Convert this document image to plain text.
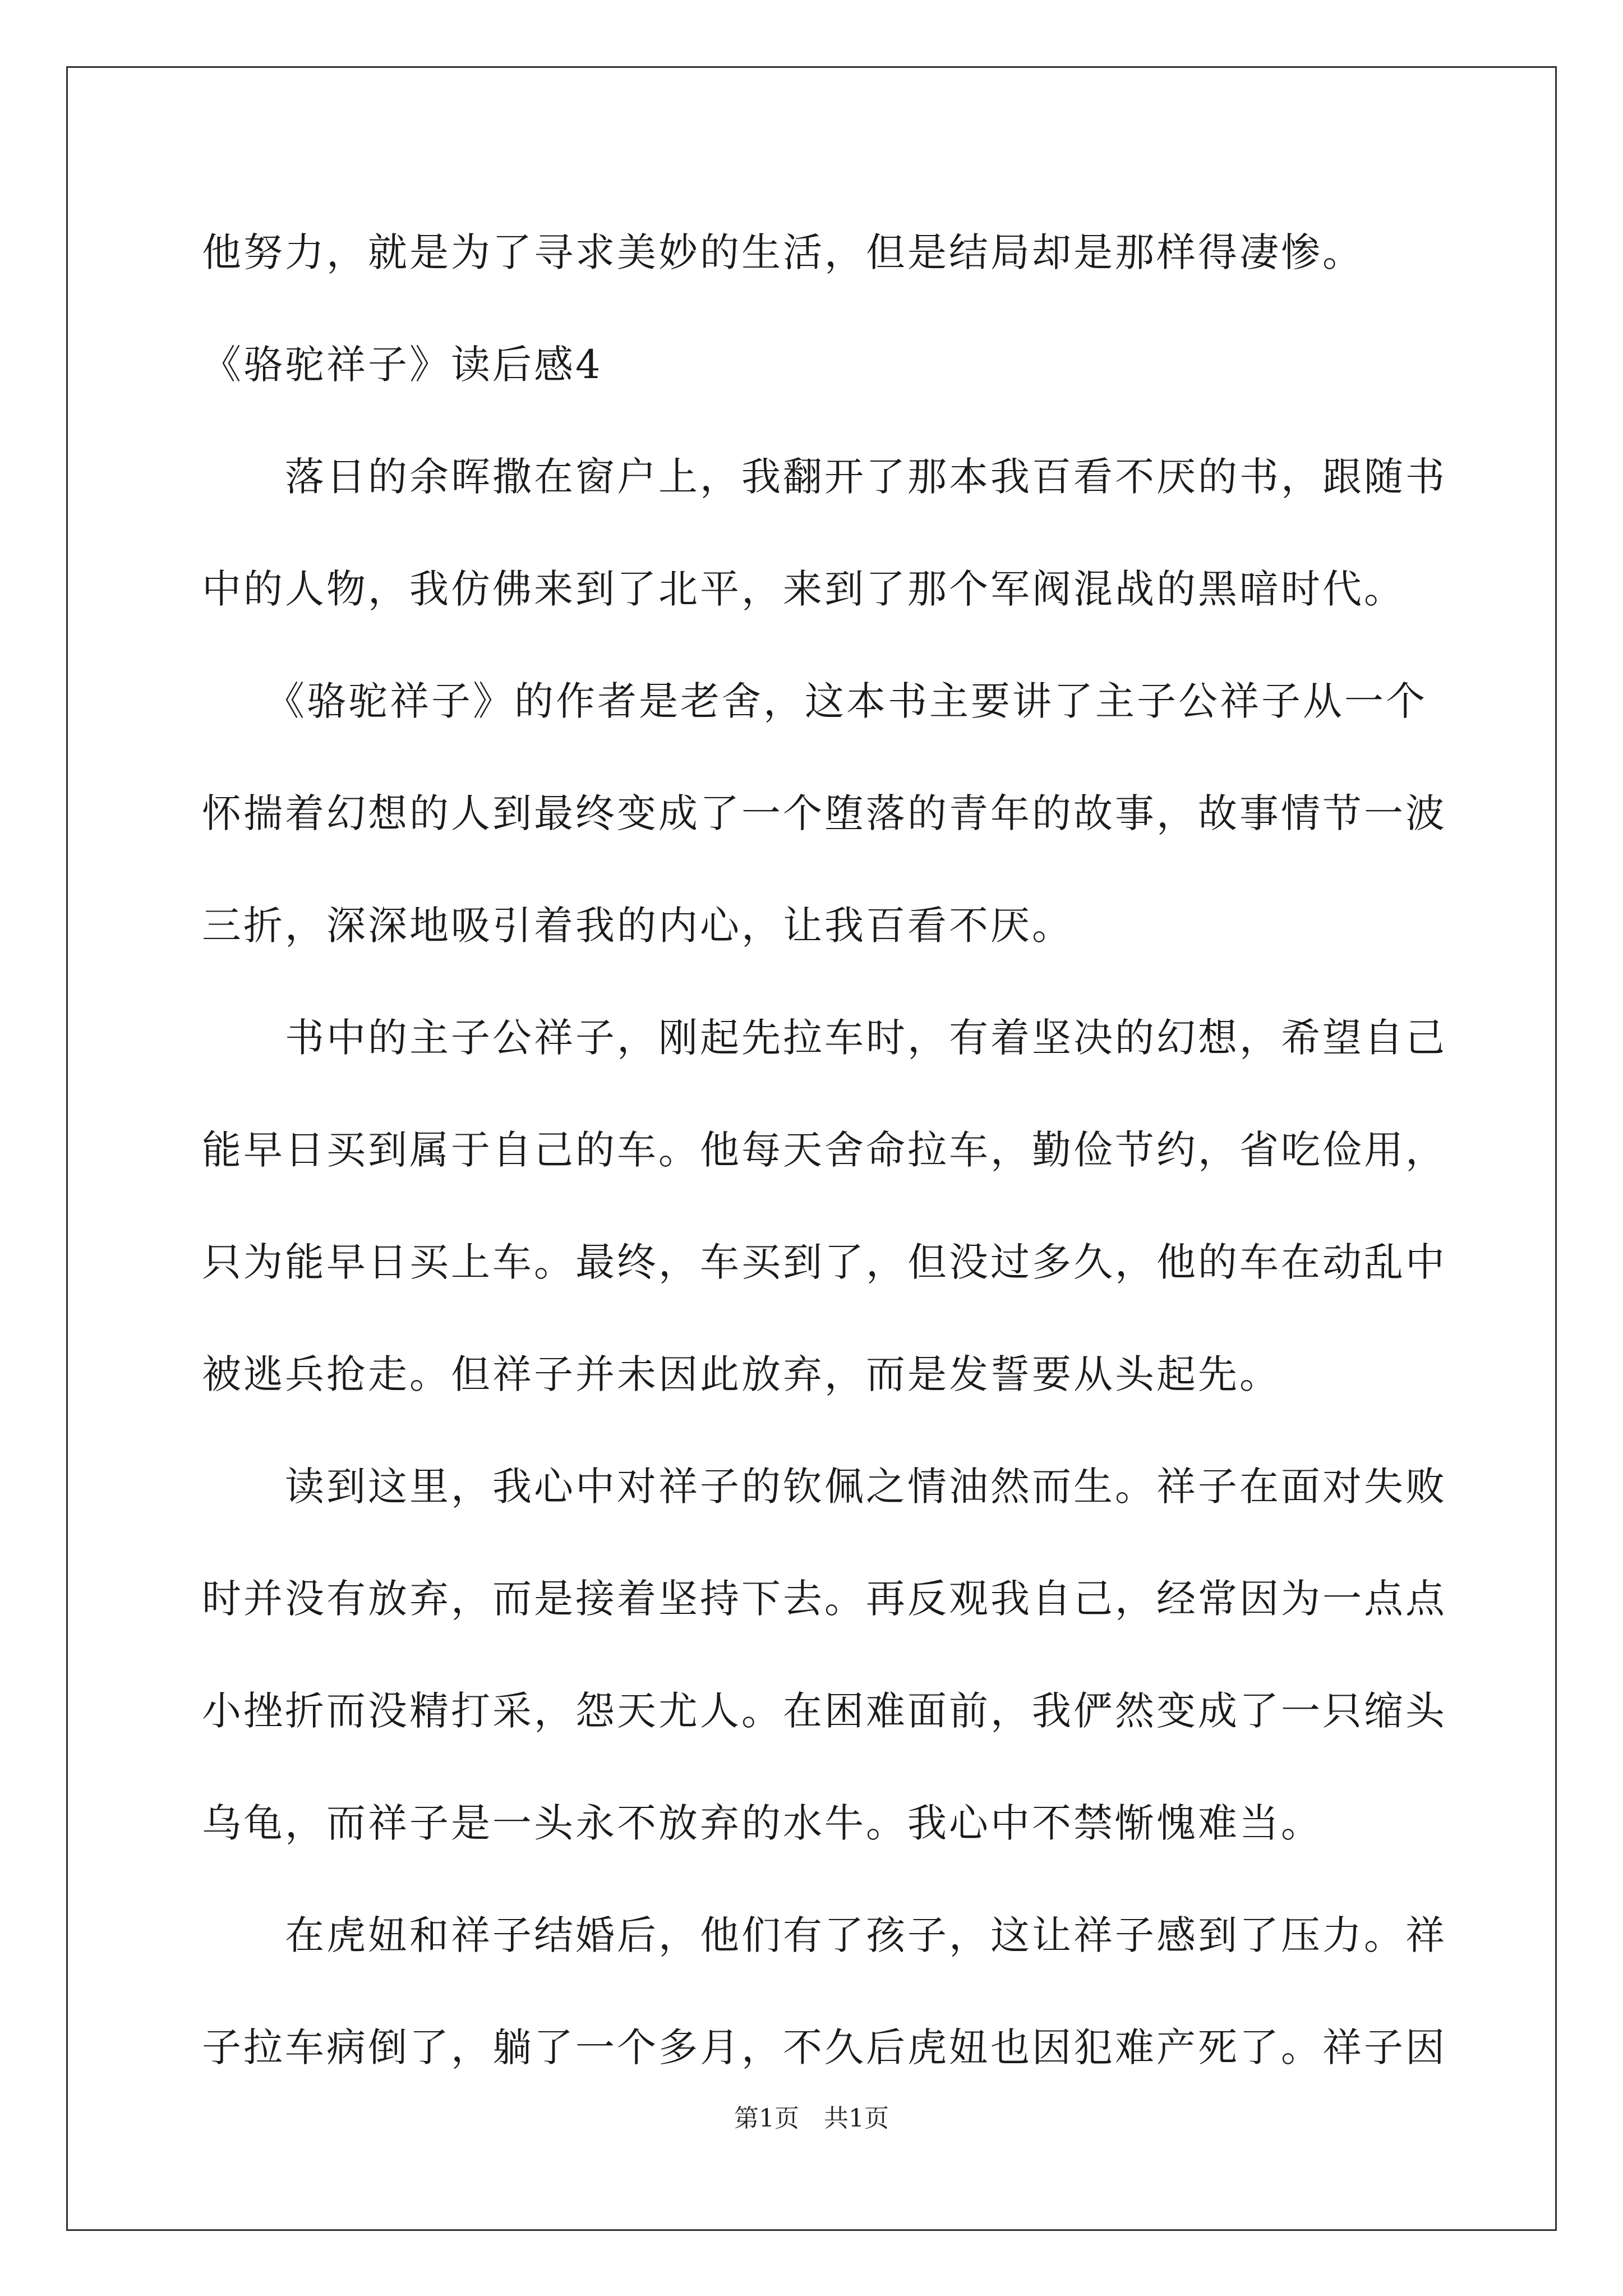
他努力，就是为了寻求美妙的生活，但是结局却是那样得凄惨。
《骆驼祥子》读后感4
　　落日的余晖撒在窗户上，我翻开了那本我百看不厌的书，跟随书
中的人物，我仿佛来到了北平，来到了那个军阀混战的黑暗时代。
　　《骆驼祥子》的作者是老舍，这本书主要讲了主子公祥子从一个
怀揣着幻想的人到最终变成了一个堕落的青年的故事，故事情节一波
三折，深深地吸引着我的内心，让我百看不厌。
　　书中的主子公祥子，刚起先拉车时，有着坚决的幻想，希望自己
能早日买到属于自己的车。他每天舍命拉车，勤俭节约，省吃俭用，
只为能早日买上车。最终，车买到了，但没过多久，他的车在动乱中
被逃兵抢走。但祥子并未因此放弃，而是发誓要从头起先。
　　读到这里，我心中对祥子的钦佩之情油然而生。祥子在面对失败
时并没有放弃，而是接着坚持下去。再反观我自己，经常因为一点点
小挫折而没精打采，怨天尤人。在困难面前，我俨然变成了一只缩头
乌龟，而祥子是一头永不放弃的水牛。我心中不禁惭愧难当。
　　在虎妞和祥子结婚后，他们有了孩子，这让祥子感到了压力。祥
子拉车病倒了，躺了一个多月，不久后虎妞也因犯难产死了。祥子因
第1页　共1页
